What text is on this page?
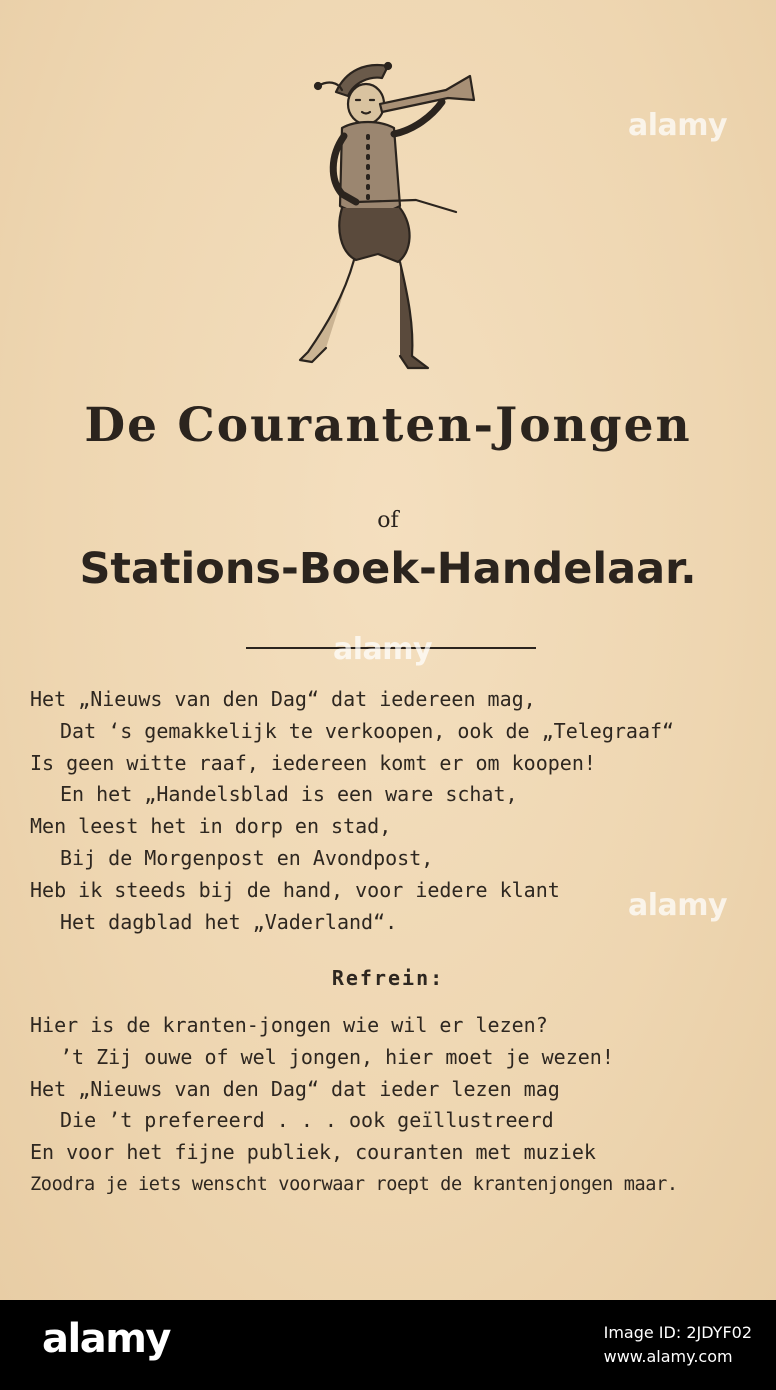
De Couranten-Jongen

of

Stations-Boek-Handelaar.
Het „Nieuws van den Dag“ dat iedereen mag,
Dat ‘s gemakkelijk te verkoopen, ook de „Telegraaf“
Is geen witte raaf, iedereen komt er om koopen!
En het „Handelsblad is een ware schat,
Men leest het in dorp en stad,
Bij de Morgenpost en Avondpost,
Heb ik steeds bij de hand, voor iedere klant
Het dagblad het „Vaderland“.
Refrein:
Hier is de kranten-jongen wie wil er lezen?
’t Zij ouwe of wel jongen, hier moet je wezen!
Het „Nieuws van den Dag“ dat ieder lezen mag
Die ’t prefereerd . . . ook geïllustreerd
En voor het fijne publiek, couranten met muziek
Zoodra je iets wenscht voorwaar roept de krantenjongen maar.
alamy
alamy
alamy
alamy	Image ID: 2JDYF02
www.alamy.com
